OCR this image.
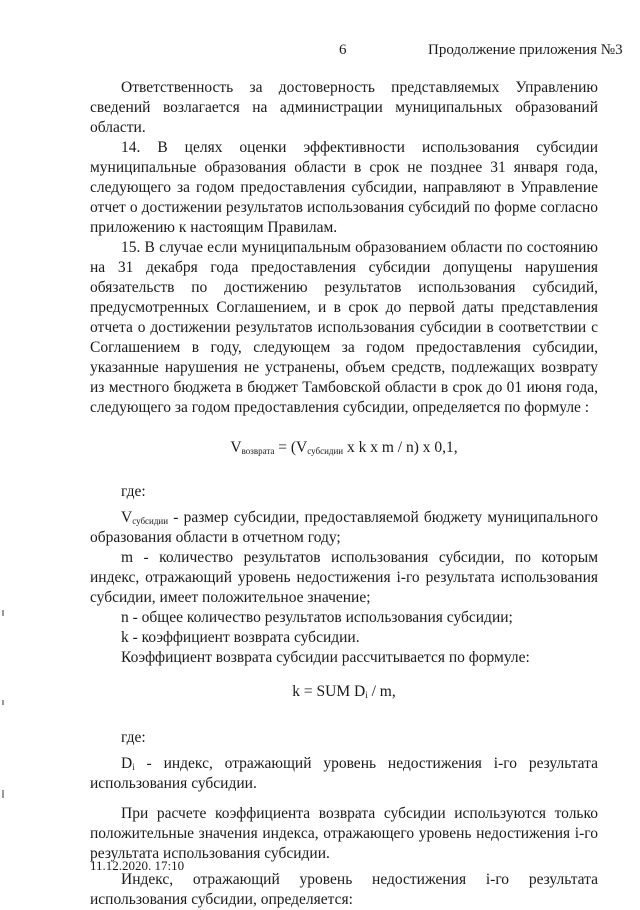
6	Продолжение приложения №3

Ответственность за достоверность представляемых Управлению сведений возлагается на администрации муниципальных образований области.

14. В целях оценки эффективности использования субсидии муниципальные образования области в срок не позднее 31 января года, следующего за годом предоставления субсидии, направляют в Управление отчет о достижении результатов использования субсидий по форме согласно приложению к настоящим Правилам.

15. В случае если муниципальным образованием области по состоянию на 31 декабря года предоставления субсидии допущены нарушения обязательств по достижению результатов использования субсидий, предусмотренных Соглашением, и в срок до первой даты представления отчета о достижении результатов использования субсидии в соответствии с Соглашением в году, следующем за годом предоставления субсидии, указанные нарушения не устранены, объем средств, подлежащих возврату из местного бюджета в бюджет Тамбовской области в срок до 01 июня года, следующего за годом предоставления субсидии, определяется по формуле :

$V_{возврата} = (V_{субсидии}$ x k x m / n) x 0,1,

где:

$V_{субсидии}$ - размер субсидии, предоставляемой бюджету муниципального образования области в отчетном году;

m - количество результатов использования субсидии, по которым индекс, отражающий уровень недостижения i-го результата использования субсидии, имеет положительное значение;

n - общее количество результатов использования субсидии;

k - коэффициент возврата субсидии.

Коэффициент возврата субсидии рассчитывается по формуле:

k = SUM $D_i$ / m,

где:

$D_i$ - индекс, отражающий уровень недостижения i-го результата использования субсидии.

При расчете коэффициента возврата субсидии используются только положительные значения индекса, отражающего уровень недостижения i-го результата использования субсидии.

Индекс, отражающий уровень недостижения i-го результата использования субсидии, определяется:

11.12.2020. 17:10
